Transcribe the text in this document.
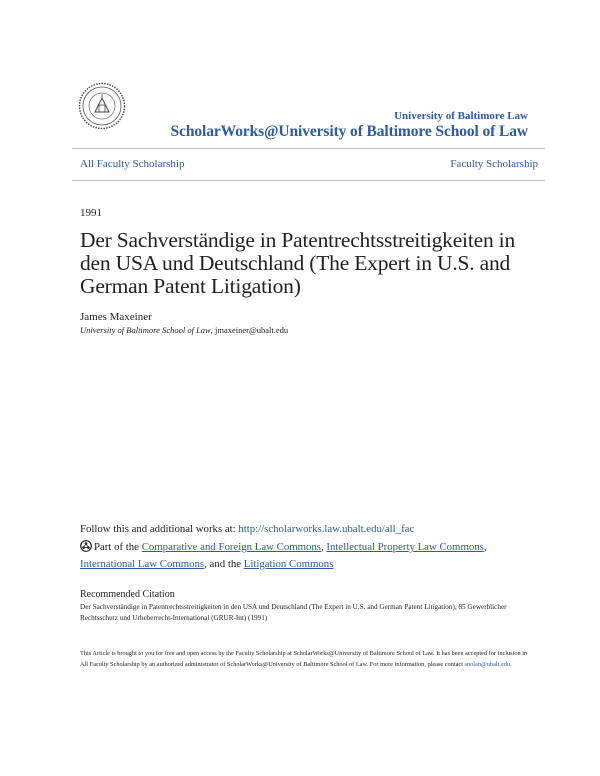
University of Baltimore Law
ScholarWorks@University of Baltimore School of Law
All Faculty Scholarship	Faculty Scholarship
1991
Der Sachverständige in Patentrechtsstreitigkeiten in den USA und Deutschland (The Expert in U.S. and German Patent Litigation)
James Maxeiner
University of Baltimore School of Law, jmaxeiner@ubalt.edu
Follow this and additional works at: http://scholarworks.law.ubalt.edu/all_fac
Part of the Comparative and Foreign Law Commons, Intellectual Property Law Commons, International Law Commons, and the Litigation Commons
Recommended Citation
Der Sachverständige in Patentrechtsstreitigkeiten in den USA und Deutschland (The Expert in U.S. and German Patent Litigation), 85 Gewerblicher Rechtsschutz und Urheberrecht-International (GRUR-Int) (1991)
This Article is brought to you for free and open access by the Faculty Scholarship at ScholarWorks@University of Baltimore School of Law. It has been accepted for inclusion in All Faculty Scholarship by an authorized administrator of ScholarWorks@University of Baltimore School of Law. For more information, please contact snolan@ubalt.edu.
